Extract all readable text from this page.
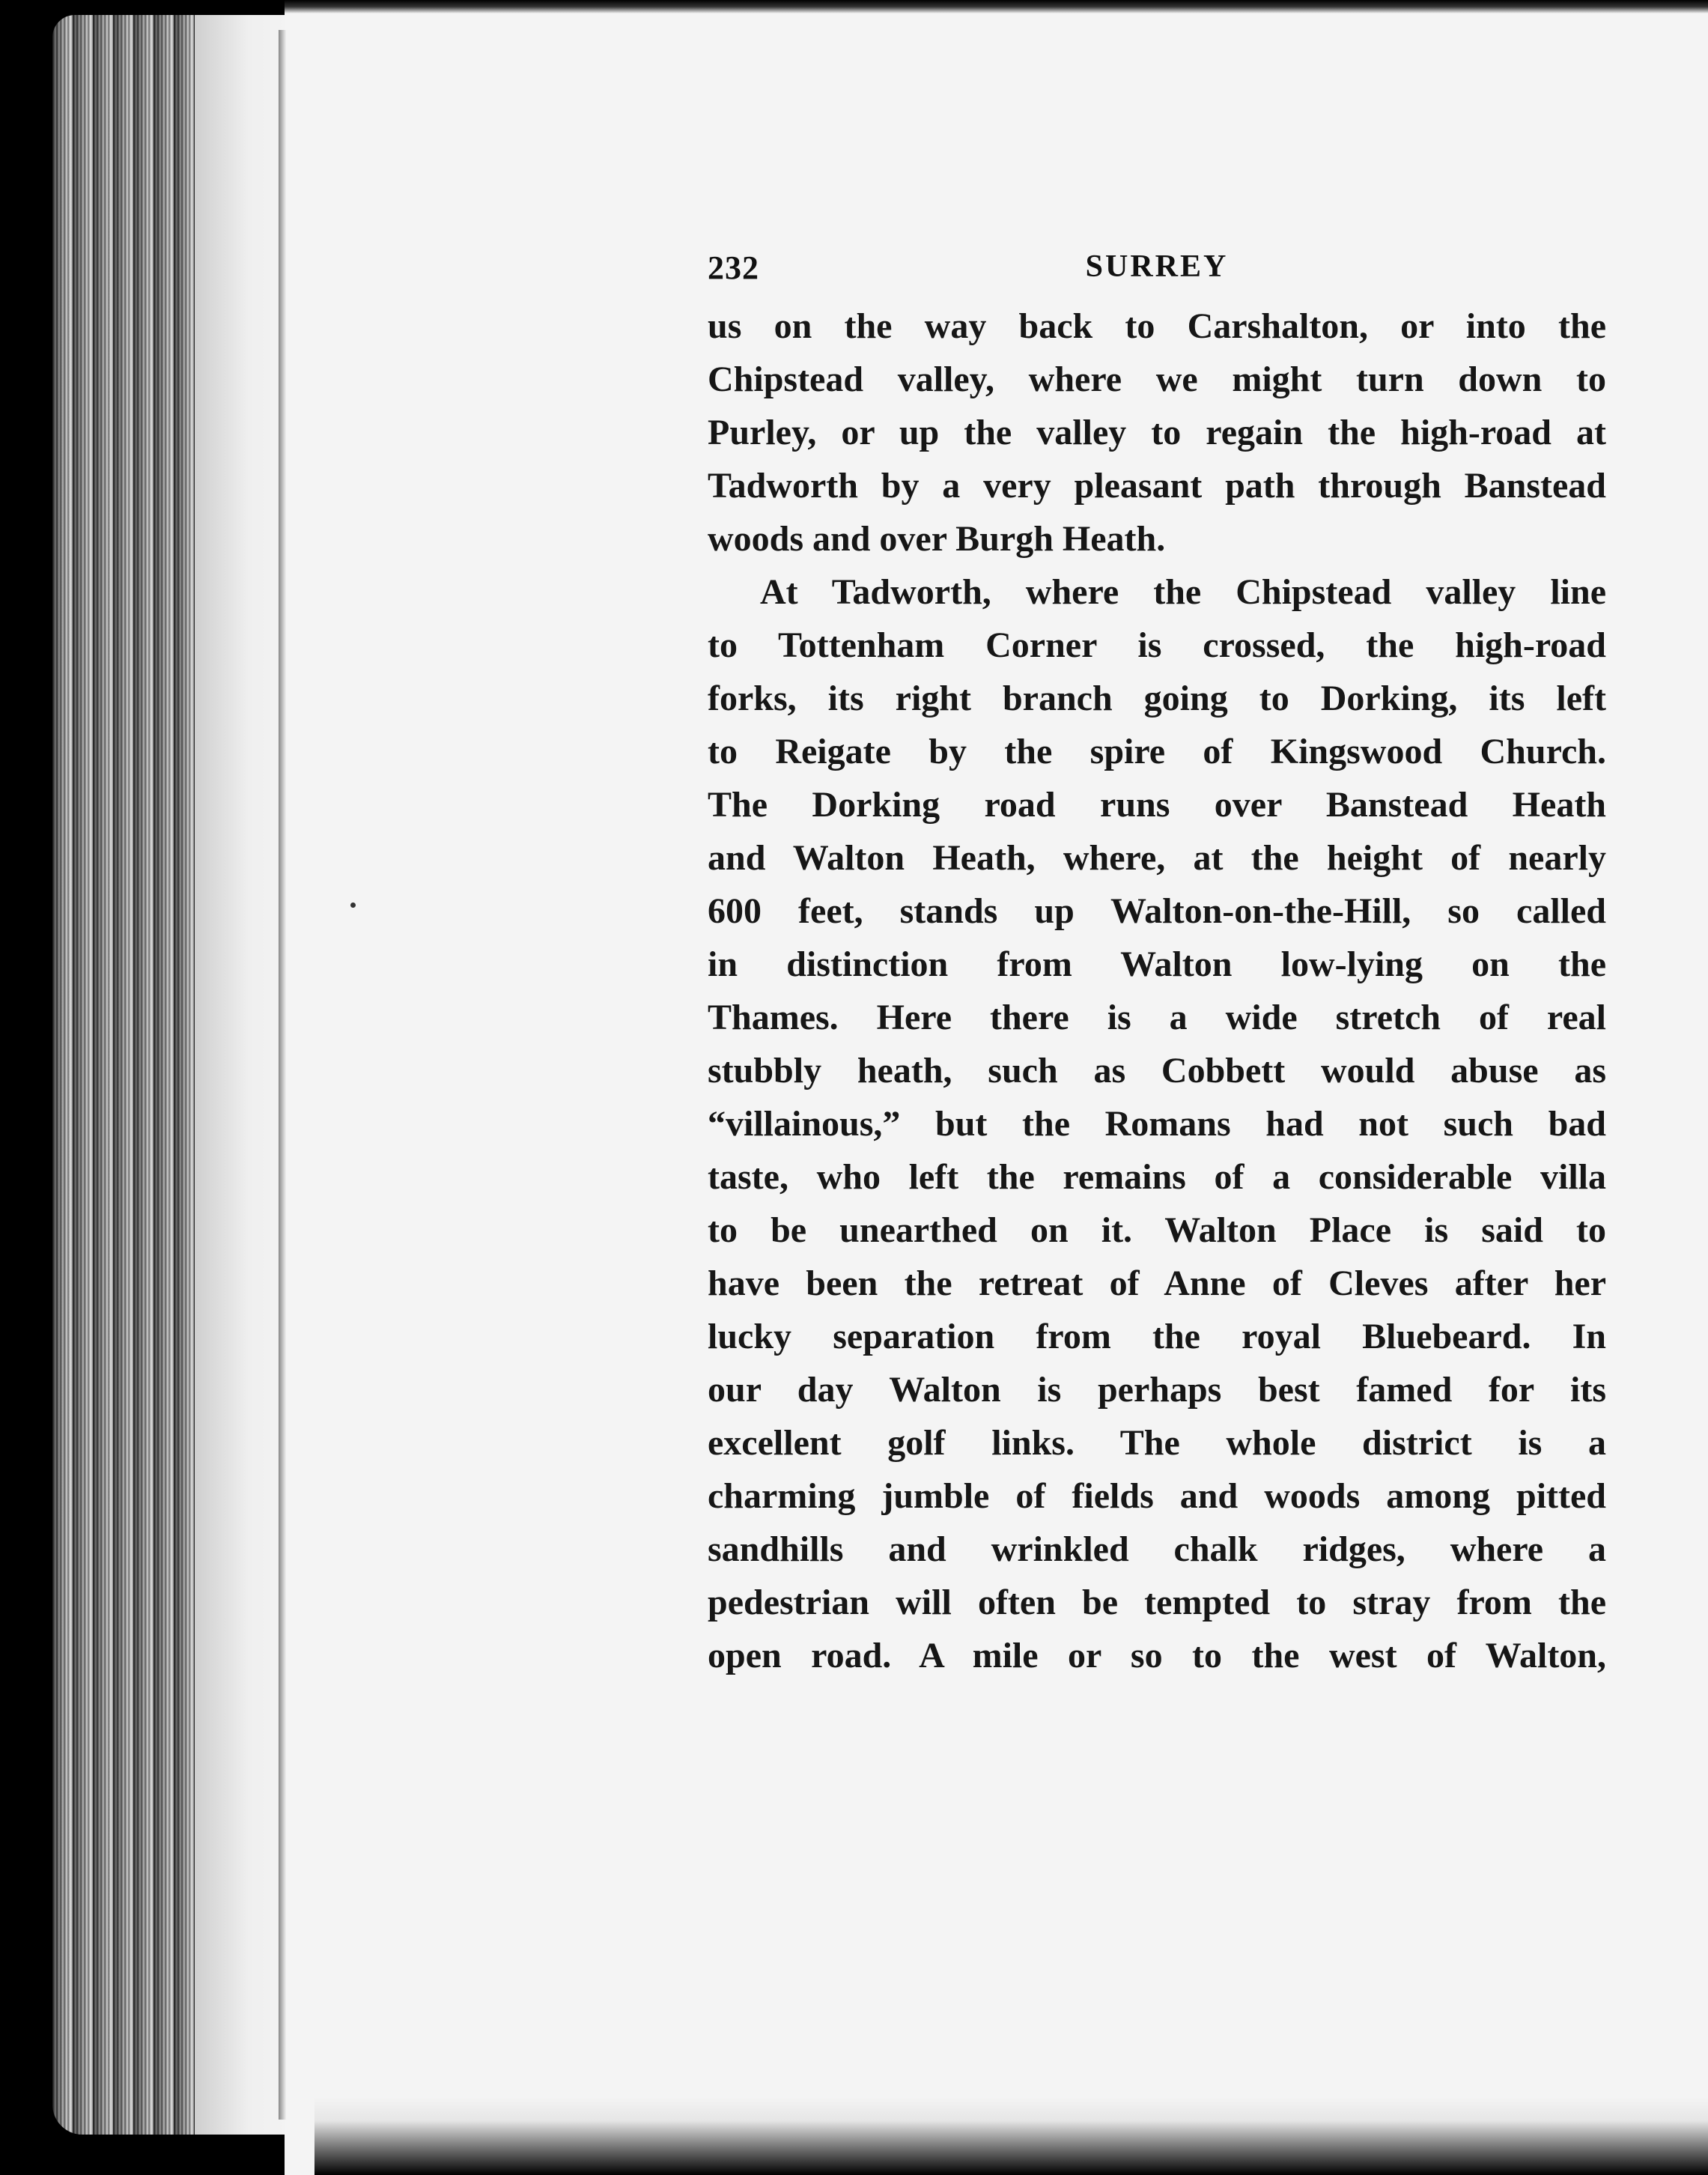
232	SURREY
us on the way back to Carshalton, or into the
Chipstead valley, where we might turn down to
Purley, or up the valley to regain the high-road at
Tadworth by a very pleasant path through Banstead
woods and over Burgh Heath.
At Tadworth, where the Chipstead valley line
to Tottenham Corner is crossed, the high-road
forks, its right branch going to Dorking, its left
to Reigate by the spire of Kingswood Church.
The Dorking road runs over Banstead Heath
and Walton Heath, where, at the height of nearly
600 feet, stands up Walton-on-the-Hill, so called
in distinction from Walton low-lying on the
Thames. Here there is a wide stretch of real
stubbly heath, such as Cobbett would abuse as
“villainous,” but the Romans had not such bad
taste, who left the remains of a considerable villa
to be unearthed on it. Walton Place is said to
have been the retreat of Anne of Cleves after her
lucky separation from the royal Bluebeard. In
our day Walton is perhaps best famed for its
excellent golf links. The whole district is a
charming jumble of fields and woods among pitted
sandhills and wrinkled chalk ridges, where a
pedestrian will often be tempted to stray from the
open road. A mile or so to the west of Walton,
